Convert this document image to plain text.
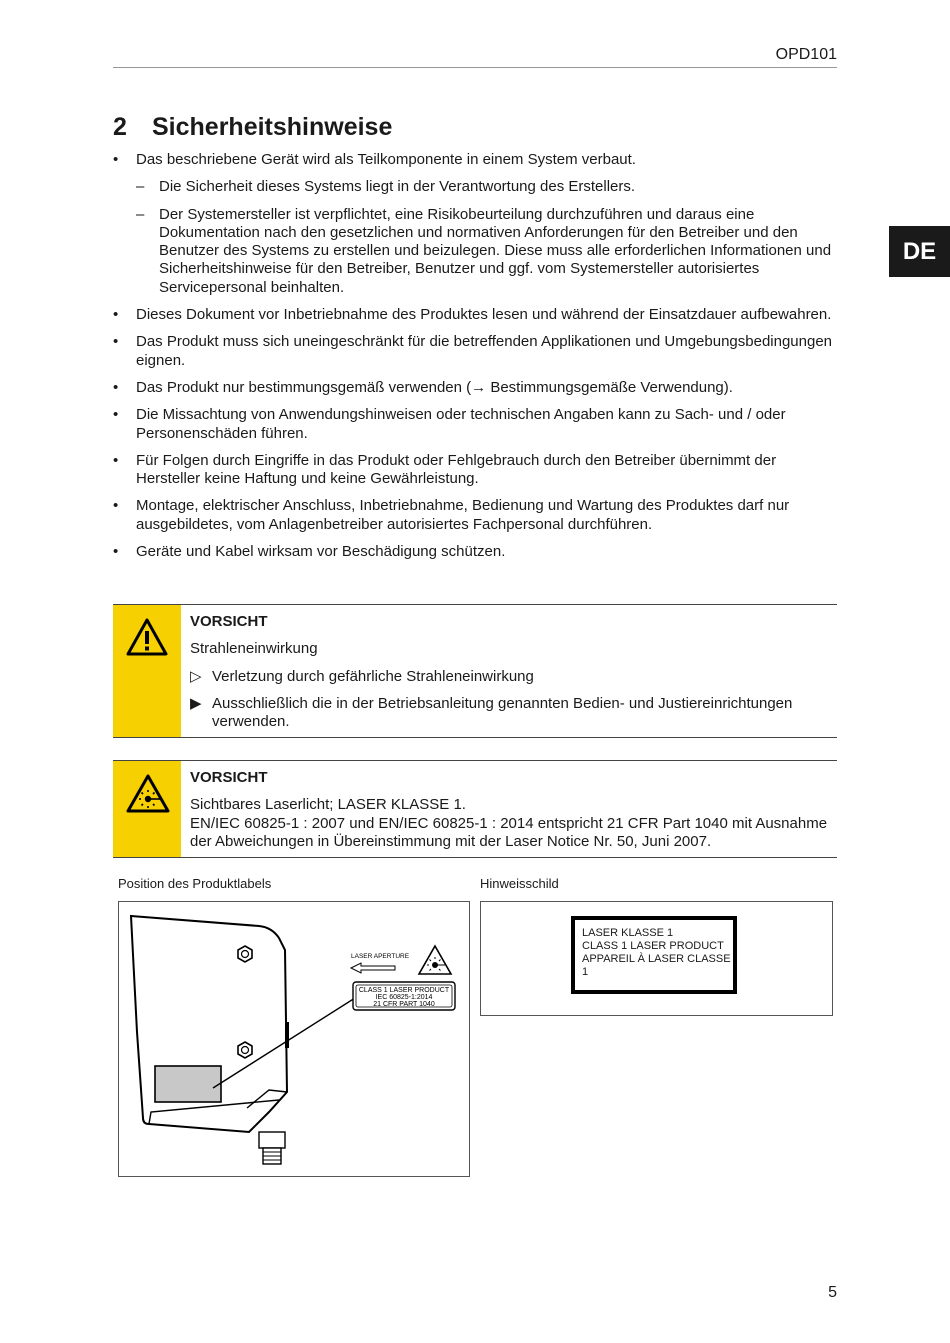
OPD101
DE
2 Sicherheitshinweise
• Das beschriebene Gerät wird als Teilkomponente in einem System verbaut.
– Die Sicherheit dieses Systems liegt in der Verantwortung des Erstellers.
– Der Systemersteller ist verpflichtet, eine Risikobeurteilung durchzuführen und daraus eine Dokumentation nach den gesetzlichen und normativen Anforderungen für den Betreiber und den Benutzer des Systems zu erstellen und beizulegen. Diese muss alle erforderlichen Informationen und Sicherheitshinweise für den Betreiber, Benutzer und ggf. vom Systemersteller autorisiertes Servicepersonal beinhalten.
• Dieses Dokument vor Inbetriebnahme des Produktes lesen und während der Einsatzdauer aufbewahren.
• Das Produkt muss sich uneingeschränkt für die betreffenden Applikationen und Umgebungsbedingungen eignen.
• Das Produkt nur bestimmungsgemäß verwenden (→ Bestimmungsgemäße Verwendung).
• Die Missachtung von Anwendungshinweisen oder technischen Angaben kann zu Sach- und / oder Personenschäden führen.
• Für Folgen durch Eingriffe in das Produkt oder Fehlgebrauch durch den Betreiber übernimmt der Hersteller keine Haftung und keine Gewährleistung.
• Montage, elektrischer Anschluss, Inbetriebnahme, Bedienung und Wartung des Produktes darf nur ausgebildetes, vom Anlagenbetreiber autorisiertes Fachpersonal durchführen.
• Geräte und Kabel wirksam vor Beschädigung schützen.
VORSICHT
Strahleneinwirkung
▷ Verletzung durch gefährliche Strahleneinwirkung
▶ Ausschließlich die in der Betriebsanleitung genannten Bedien- und Justiereinrichtungen verwenden.
VORSICHT
Sichtbares Laserlicht; LASER KLASSE 1.
EN/IEC 60825-1 : 2007 und EN/IEC 60825-1 : 2014 entspricht 21 CFR Part 1040 mit Ausnahme der Abweichungen in Übereinstimmung mit der Laser Notice Nr. 50, Juni 2007.
Position des Produktlabels	Hinweisschild
LASER APERTURE
CLASS 1 LASER PRODUCT
IEC 60825-1:2014
21 CFR PART 1040
LASER KLASSE 1
CLASS 1 LASER PRODUCT
APPAREIL À LASER CLASSE 1
5
